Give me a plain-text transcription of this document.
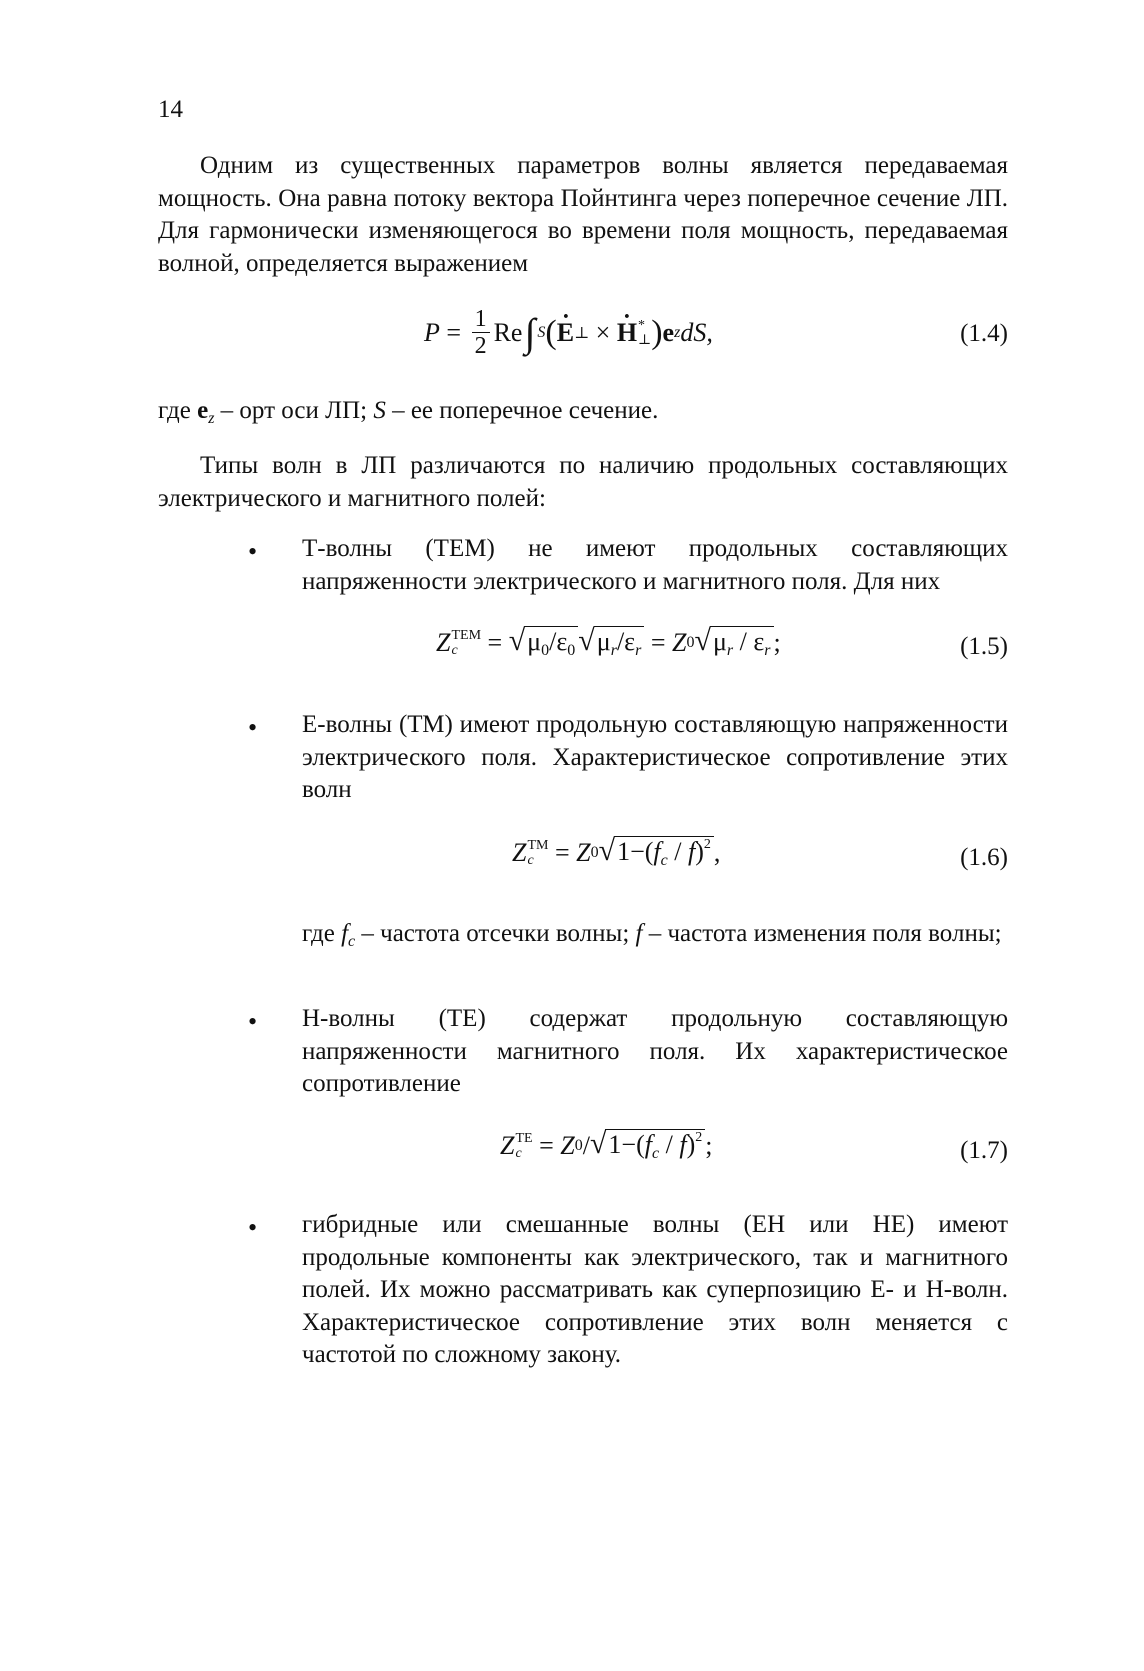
14
Одним из существенных параметров волны является передаваемая мощность. Она равна потоку вектора Пойнтинга через поперечное сечение ЛП. Для гармонически изменяющегося во времени поля мощность, передаваемая волной, определяется выражением
$P = \frac{1}{2}$ Re ∫ S ( . E ⊥
×
. H *
⊥ ) e z dS,	(1.4)
где $e_z$ – орт оси ЛП; S – ее поперечное сечение.
Типы волн в ЛП различаются по наличию продольных составляющих электрического и магнитного полей:
• Т-волны (ТЕМ) не имеют продольных составляющих напряженности электрического и магнитного поля. Для них
Z TEM
c
	=
√ $\mu_0/\varepsilon_0$ √ $\mu_r/\varepsilon_r$
=
Z 0 √ $\mu_r / \varepsilon_r$ ;	(1.5)
• Е-волны (ТМ) имеют продольную составляющую напряженности электрического поля. Характеристическое сопротивление этих волн
Z TM
c
=
Z 0 √ $1-(f_c / f)^2$ ,	(1.6)
где $f_c$ – частота отсечки волны; f – частота изменения поля волны;
• Н-волны (ТЕ) содержат продольную составляющую напряженности магнитного поля. Их характеристическое сопротивление
Z TE
c
=
Z 0 / √ $1-(f_c / f)^2$ ;	(1.7)
• гибридные или смешанные волны (ЕН или НЕ) имеют продольные компоненты как электрического, так и магнитного полей. Их можно рассматривать как суперпозицию Е- и Н-волн. Характеристическое сопротивление этих волн меняется с частотой по сложному закону.
